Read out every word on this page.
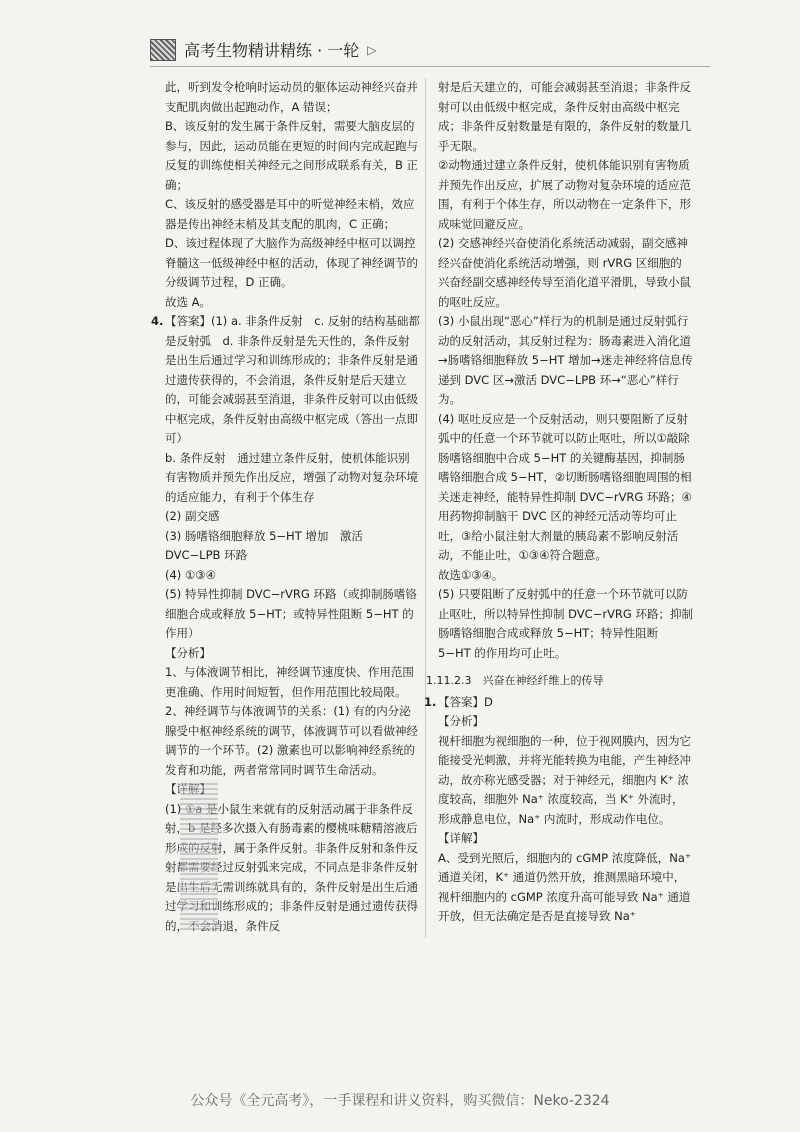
高考生物精讲精练 · 一轮 ▷

此，听到发令枪响时运动员的躯体运动神经兴奋并支配肌肉做出起跑动作，A 错误；

B、该反射的发生属于条件反射，需要大脑皮层的参与，因此，运动员能在更短的时间内完成起跑与反复的训练使相关神经元之间形成联系有关，B 正确；

C、该反射的感受器是耳中的听觉神经末梢，效应器是传出神经末梢及其支配的肌肉，C 正确；

D、该过程体现了大脑作为高级神经中枢可以调控脊髓这一低级神经中枢的活动，体现了神经调节的分级调节过程，D 正确。

故选 A。

4. 【答案】(1) a. 非条件反射　c. 反射的结构基础都是反射弧　d. 非条件反射是先天性的，条件反射是出生后通过学习和训练形成的；非条件反射是通过遗传获得的，不会消退，条件反射是后天建立的，可能会减弱甚至消退，非条件反射可以由低级中枢完成，条件反射由高级中枢完成（答出一点即可）

b. 条件反射　通过建立条件反射，使机体能识别有害物质并预先作出反应，增强了动物对复杂环境的适应能力，有利于个体生存

(2) 副交感

(3) 肠嗜铬细胞释放 5−HT 增加　激活 DVC−LPB 环路

(4) ①③④

(5) 特异性抑制 DVC−rVRG 环路（或抑制肠嗜铬细胞合成或释放 5−HT；或特异性阻断 5−HT 的作用）

【分析】

1、与体液调节相比，神经调节速度快、作用范围更准确、作用时间短暂，但作用范围比较局限。

2、神经调节与体液调节的关系：(1) 有的内分泌腺受中枢神经系统的调节，体液调节可以看做神经调节的一个环节。(2) 激素也可以影响神经系统的发育和功能，两者常常同时调节生命活动。

【详解】

(1) ①a 是小鼠生来就有的反射活动属于非条件反射，b 是经多次摄入有肠毒素的樱桃味糖精溶液后形成的反射，属于条件反射。非条件反射和条件反射都需要经过反射弧来完成，不同点是非条件反射是出生后无需训练就具有的，条件反射是出生后通过学习和训练形成的；非条件反射是通过遗传获得的，不会消退，条件反

射是后天建立的，可能会减弱甚至消退；非条件反射可以由低级中枢完成，条件反射由高级中枢完成；非条件反射数量是有限的，条件反射的数量几乎无限。

②动物通过建立条件反射，使机体能识别有害物质并预先作出反应，扩展了动物对复杂环境的适应范围，有利于个体生存，所以动物在一定条件下，形成味觉回避反应。

(2) 交感神经兴奋使消化系统活动减弱，副交感神经兴奋使消化系统活动增强，则 rVRG 区细胞的兴奋经副交感神经传导至消化道平滑肌，导致小鼠的呕吐反应。

(3) 小鼠出现“恶心”样行为的机制是通过反射弧行动的反射活动，其反射过程为：肠毒素进入消化道→肠嗜铬细胞释放 5−HT 增加→迷走神经将信息传递到 DVC 区→激活 DVC−LPB 环→“恶心”样行为。

(4) 呕吐反应是一个反射活动，则只要阻断了反射弧中的任意一个环节就可以防止呕吐，所以①敲除肠嗜铬细胞中合成 5−HT 的关键酶基因，抑制肠嗜铬细胞合成 5−HT，②切断肠嗜铬细胞周围的相关迷走神经，能特异性抑制 DVC−rVRG 环路；④用药物抑制脑干 DVC 区的神经元活动等均可止吐，③给小鼠注射大剂量的胰岛素不影响反射活动，不能止吐，①③④符合题意。

故选①③④。

(5) 只要阻断了反射弧中的任意一个环节就可以防止呕吐，所以特异性抑制 DVC−rVRG 环路；抑制肠嗜铬细胞合成或释放 5−HT；特异性阻断 5−HT 的作用均可止吐。

1.11.2.3　兴奋在神经纤维上的传导

1. 【答案】D

【分析】

视杆细胞为视细胞的一种，位于视网膜内，因为它能接受光刺激，并将光能转换为电能，产生神经冲动，故亦称光感受器；对于神经元，细胞内 K⁺ 浓度较高，细胞外 Na⁺ 浓度较高，当 K⁺ 外流时，形成静息电位，Na⁺ 内流时，形成动作电位。

【详解】

A、受到光照后，细胞内的 cGMP 浓度降低，Na⁺ 通道关闭，K⁺ 通道仍然开放，推测黑暗环境中，视杆细胞内的 cGMP 浓度升高可能导致 Na⁺ 通道开放，但无法确定是否是直接导致 Na⁺

公众号《全元高考》，一手课程和讲义资料，购买微信：Neko-2324
